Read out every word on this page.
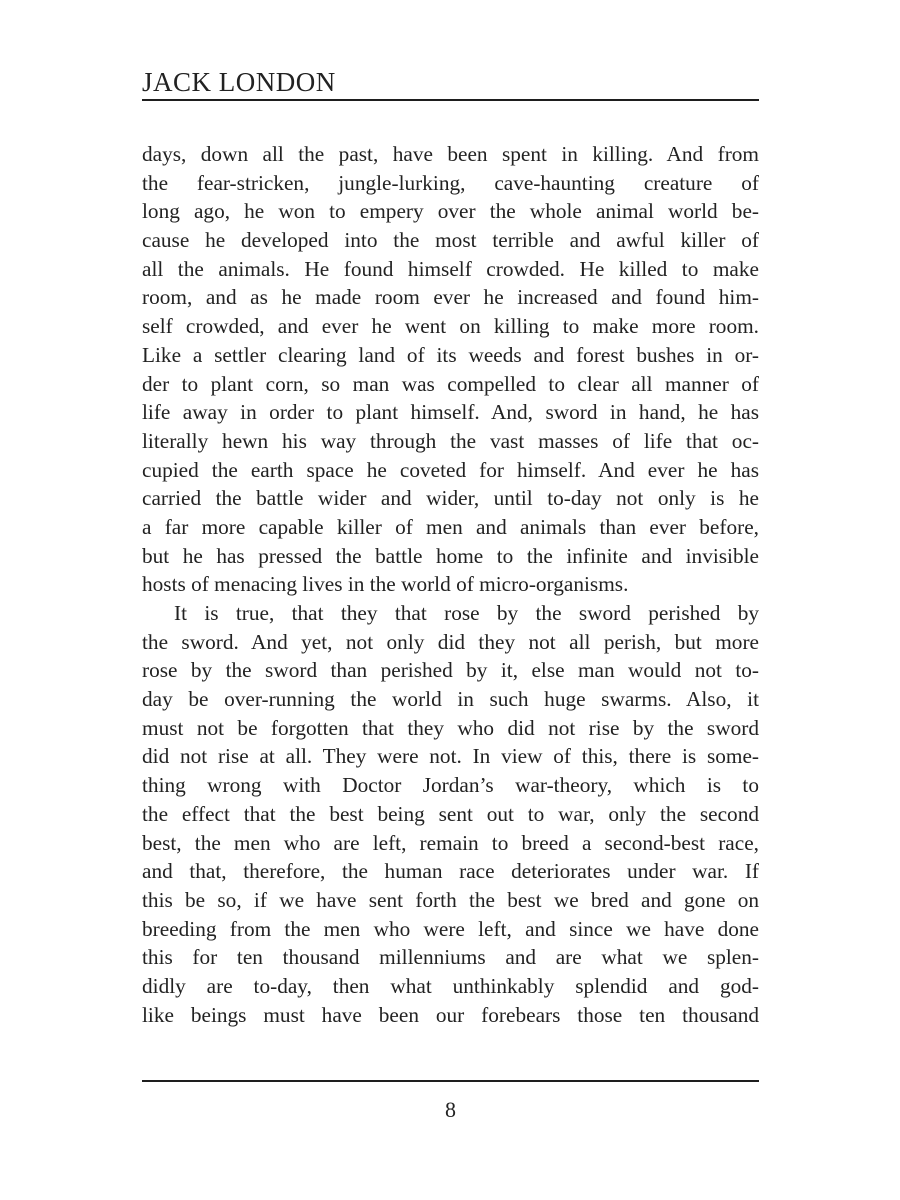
JACK LONDON
days, down all the past, have been spent in killing. And from
the fear-stricken, jungle-lurking, cave-haunting creature of
long ago, he won to empery over the whole animal world be-
cause he developed into the most terrible and awful killer of
all the animals. He found himself crowded. He killed to make
room, and as he made room ever he increased and found him-
self crowded, and ever he went on killing to make more room.
Like a settler clearing land of its weeds and forest bushes in or-
der to plant corn, so man was compelled to clear all manner of
life away in order to plant himself. And, sword in hand, he has
literally hewn his way through the vast masses of life that oc-
cupied the earth space he coveted for himself. And ever he has
carried the battle wider and wider, until to-day not only is he
a far more capable killer of men and animals than ever before,
but he has pressed the battle home to the infinite and invisible
hosts of menacing lives in the world of micro-organisms.
It is true, that they that rose by the sword perished by
the sword. And yet, not only did they not all perish, but more
rose by the sword than perished by it, else man would not to-
day be over-running the world in such huge swarms. Also, it
must not be forgotten that they who did not rise by the sword
did not rise at all. They were not. In view of this, there is some-
thing wrong with Doctor Jordan’s war-theory, which is to
the effect that the best being sent out to war, only the second
best, the men who are left, remain to breed a second-best race,
and that, therefore, the human race deteriorates under war. If
this be so, if we have sent forth the best we bred and gone on
breeding from the men who were left, and since we have done
this for ten thousand millenniums and are what we splen-
didly are to-day, then what unthinkably splendid and god-
like beings must have been our forebears those ten thousand
8
